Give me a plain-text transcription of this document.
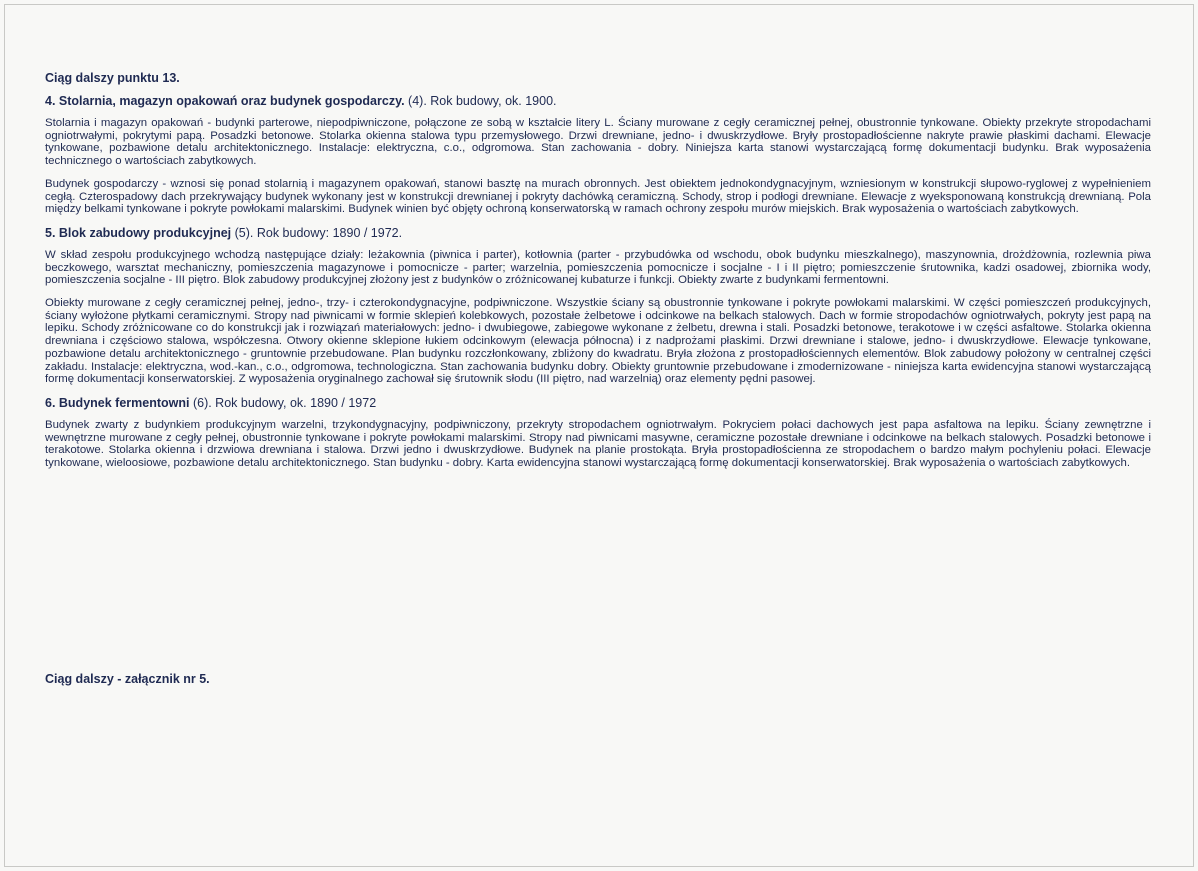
Ciąg dalszy punktu 13.
4. Stolarnia, magazyn opakowań oraz budynek gospodarczy. (4). Rok budowy, ok. 1900.

Stolarnia i magazyn opakowań - budynki parterowe, niepodpiwniczone, połączone ze sobą w kształcie litery L. Ściany murowane z cegły ceramicznej pełnej, obustronnie tynkowane. Obiekty przekryte stropodachami ogniotrwałymi, pokrytymi papą. Posadzki betonowe. Stolarka okienna stalowa typu przemysłowego. Drzwi drewniane, jedno- i dwuskrzydłowe. Bryły prostopadłościenne nakryte prawie płaskimi dachami. Elewacje tynkowane, pozbawione detalu architektonicznego. Instalacje: elektryczna, c.o., odgromowa. Stan zachowania - dobry. Niniejsza karta stanowi wystarczającą formę dokumentacji budynku. Brak wyposażenia technicznego o wartościach zabytkowych.

Budynek gospodarczy - wznosi się ponad stolarnią i magazynem opakowań, stanowi basztę na murach obronnych. Jest obiektem jednokondygnacyjnym, wzniesionym w konstrukcji słupowo-ryglowej z wypełnieniem cegłą. Czterospadowy dach przekrywający budynek wykonany jest w konstrukcji drewnianej i pokryty dachówką ceramiczną. Schody, strop i podłogi drewniane. Elewacje z wyeksponowaną konstrukcją drewnianą. Pola między belkami tynkowane i pokryte powłokami malarskimi. Budynek winien być objęty ochroną konserwatorską w ramach ochrony zespołu murów miejskich. Brak wyposażenia o wartościach zabytkowych.

5. Blok zabudowy produkcyjnej (5). Rok budowy: 1890 / 1972.

W skład zespołu produkcyjnego wchodzą następujące działy: leżakownia (piwnica i parter), kotłownia (parter - przybudówka od wschodu, obok budynku mieszkalnego), maszynownia, drożdżownia, rozlewnia piwa beczkowego, warsztat mechaniczny, pomieszczenia magazynowe i pomocnicze - parter; warzelnia, pomieszczenia pomocnicze i socjalne - I i II piętro; pomieszczenie śrutownika, kadzi osadowej, zbiornika wody, pomieszczenia socjalne - III piętro. Blok zabudowy produkcyjnej złożony jest z budynków o zróżnicowanej kubaturze i funkcji. Obiekty zwarte z budynkami fermentowni.

Obiekty murowane z cegły ceramicznej pełnej, jedno-, trzy- i czterokondygnacyjne, podpiwniczone. Wszystkie ściany są obustronnie tynkowane i pokryte powłokami malarskimi. W części pomieszczeń produkcyjnych, ściany wyłożone płytkami ceramicznymi. Stropy nad piwnicami w formie sklepień kolebkowych, pozostałe żelbetowe i odcinkowe na belkach stalowych. Dach w formie stropodachów ogniotrwałych, pokryty jest papą na lepiku. Schody zróżnicowane co do konstrukcji jak i rozwiązań materiałowych: jedno- i dwubiegowe, zabiegowe wykonane z żelbetu, drewna i stali. Posadzki betonowe, terakotowe i w części asfaltowe. Stolarka okienna drewniana i częściowo stalowa, współczesna. Otwory okienne sklepione łukiem odcinkowym (elewacja północna) i z nadprożami płaskimi. Drzwi drewniane i stalowe, jedno- i dwuskrzydłowe. Elewacje tynkowane, pozbawione detalu architektonicznego - gruntownie przebudowane. Plan budynku rozczłonkowany, zbliżony do kwadratu. Bryła złożona z prostopadłościennych elementów. Blok zabudowy położony w centralnej części zakładu. Instalacje: elektryczna, wod.-kan., c.o., odgromowa, technologiczna. Stan zachowania budynku dobry. Obiekty gruntownie przebudowane i zmodernizowane - niniejsza karta ewidencyjna stanowi wystarczającą formę dokumentacji konserwatorskiej. Z wyposażenia oryginalnego zachował się śrutownik słodu (III piętro, nad warzelnią) oraz elementy pędni pasowej.

6. Budynek fermentowni (6). Rok budowy, ok. 1890 / 1972

Budynek zwarty z budynkiem produkcyjnym warzelni, trzykondygnacyjny, podpiwniczony, przekryty stropodachem ogniotrwałym. Pokryciem połaci dachowych jest papa asfaltowa na lepiku. Ściany zewnętrzne i wewnętrzne murowane z cegły pełnej, obustronnie tynkowane i pokryte powłokami malarskimi. Stropy nad piwnicami masywne, ceramiczne pozostałe drewniane i odcinkowe na belkach stalowych. Posadzki betonowe i terakotowe. Stolarka okienna i drzwiowa drewniana i stalowa. Drzwi jedno i dwuskrzydłowe. Budynek na planie prostokąta. Bryła prostopadłościenna ze stropodachem o bardzo małym pochyleniu połaci. Elewacje tynkowane, wieloosiowe, pozbawione detalu architektonicznego. Stan budynku - dobry. Karta ewidencyjna stanowi wystarczającą formę dokumentacji konserwatorskiej. Brak wyposażenia o wartościach zabytkowych.

Ciąg dalszy - załącznik nr 5.
